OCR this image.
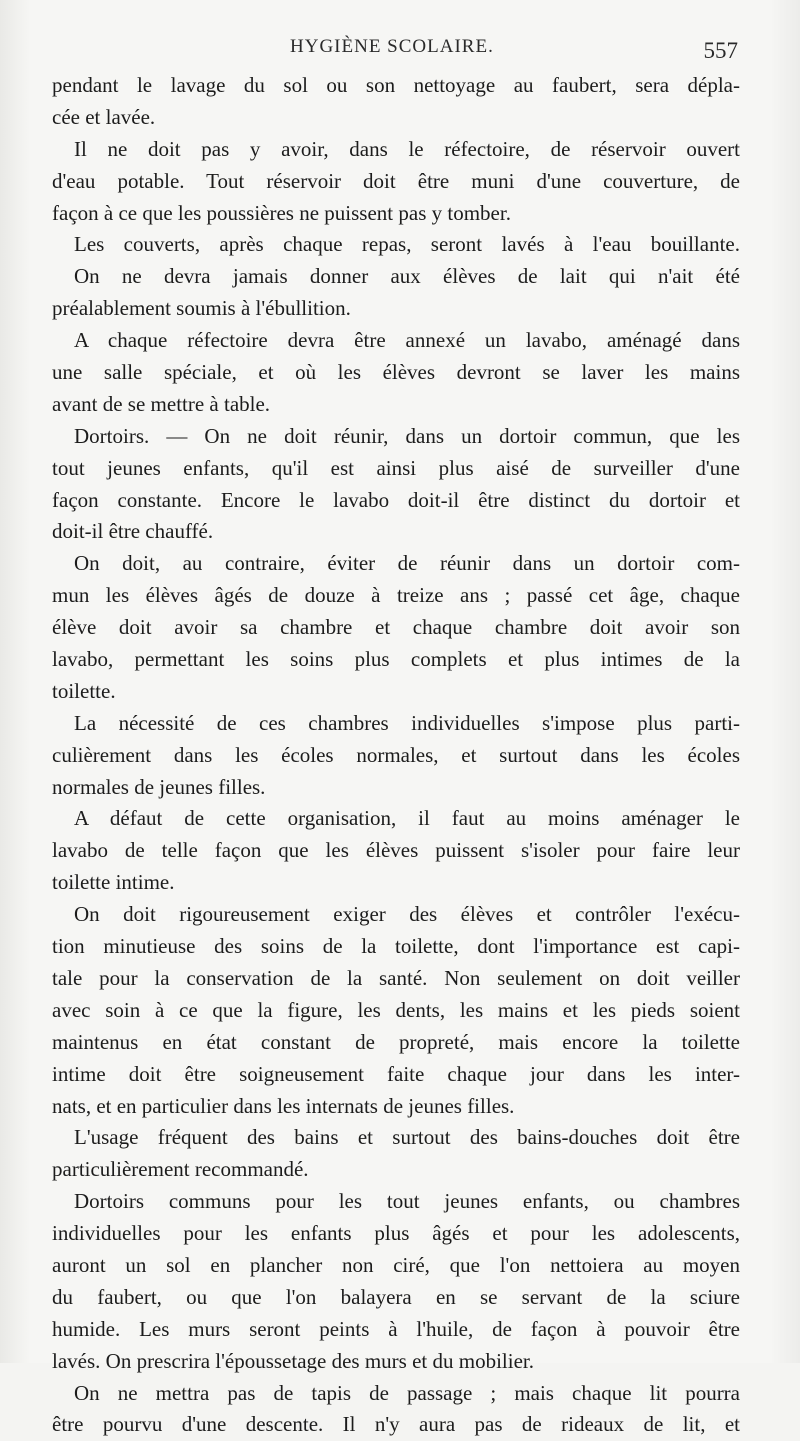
HYGIÈNE SCOLAIRE.	557
pendant le lavage du sol ou son nettoyage au faubert, sera dépla-
cée et lavée.
Il ne doit pas y avoir, dans le réfectoire, de réservoir ouvert
d'eau potable. Tout réservoir doit être muni d'une couverture, de
façon à ce que les poussières ne puissent pas y tomber.
Les couverts, après chaque repas, seront lavés à l'eau bouillante.
On ne devra jamais donner aux élèves de lait qui n'ait été
préalablement soumis à l'ébullition.
A chaque réfectoire devra être annexé un lavabo, aménagé dans
une salle spéciale, et où les élèves devront se laver les mains
avant de se mettre à table.
Dortoirs. — On ne doit réunir, dans un dortoir commun, que les
tout jeunes enfants, qu'il est ainsi plus aisé de surveiller d'une
façon constante. Encore le lavabo doit-il être distinct du dortoir et
doit-il être chauffé.
On doit, au contraire, éviter de réunir dans un dortoir com-
mun les élèves âgés de douze à treize ans ; passé cet âge, chaque
élève doit avoir sa chambre et chaque chambre doit avoir son
lavabo, permettant les soins plus complets et plus intimes de la
toilette.
La nécessité de ces chambres individuelles s'impose plus parti-
culièrement dans les écoles normales, et surtout dans les écoles
normales de jeunes filles.
A défaut de cette organisation, il faut au moins aménager le
lavabo de telle façon que les élèves puissent s'isoler pour faire leur
toilette intime.
On doit rigoureusement exiger des élèves et contrôler l'exécu-
tion minutieuse des soins de la toilette, dont l'importance est capi-
tale pour la conservation de la santé. Non seulement on doit veiller
avec soin à ce que la figure, les dents, les mains et les pieds soient
maintenus en état constant de propreté, mais encore la toilette
intime doit être soigneusement faite chaque jour dans les inter-
nats, et en particulier dans les internats de jeunes filles.
L'usage fréquent des bains et surtout des bains-douches doit être
particulièrement recommandé.
Dortoirs communs pour les tout jeunes enfants, ou chambres
individuelles pour les enfants plus âgés et pour les adolescents,
auront un sol en plancher non ciré, que l'on nettoiera au moyen
du faubert, ou que l'on balayera en se servant de la sciure
humide. Les murs seront peints à l'huile, de façon à pouvoir être
lavés. On prescrira l'époussetage des murs et du mobilier.
On ne mettra pas de tapis de passage ; mais chaque lit pourra
être pourvu d'une descente. Il n'y aura pas de rideaux de lit, et
